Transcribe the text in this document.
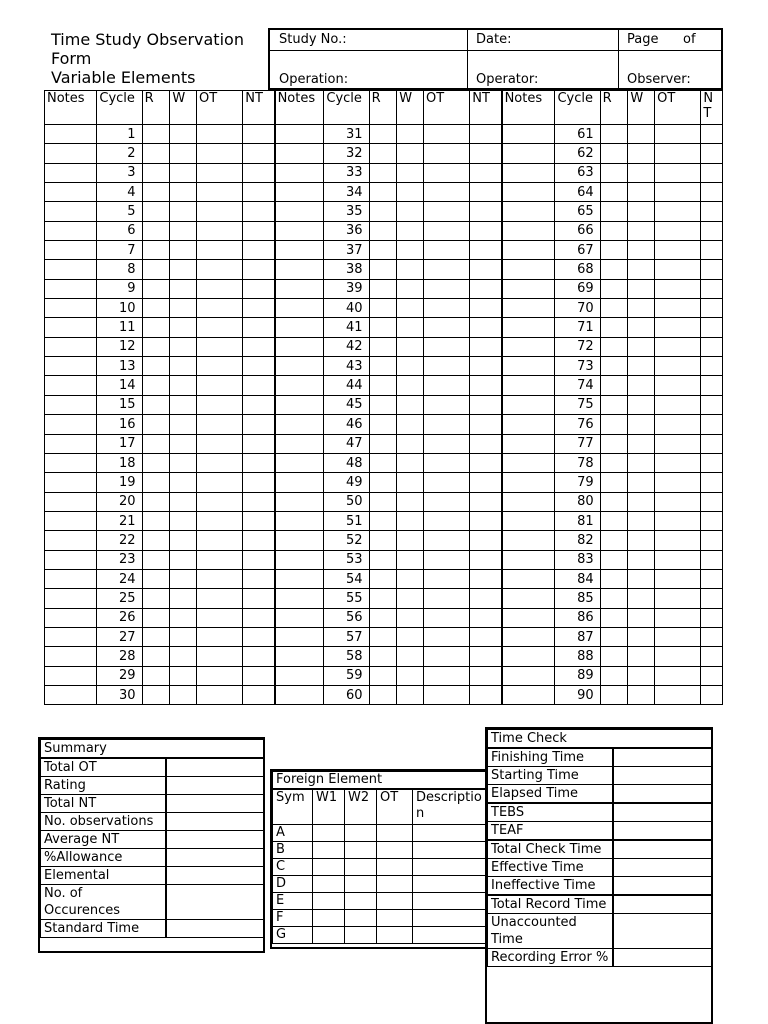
Time Study Observation
Form
Variable Elements
Study No.:	Date:	Page	of
Operation:	Operator:	Observer:
Notes	Cycle	R	W	OT	NT	Notes	Cycle	R	W	OT	NT	Notes	Cycle	R	W	OT	NT
	1						31						61				
	2						32						62				
	3						33						63				
	4						34						64				
	5						35						65				
	6						36						66				
	7						37						67				
	8						38						68				
	9						39						69				
	10						40						70				
	11						41						71				
	12						42						72				
	13						43						73				
	14						44						74				
	15						45						75				
	16						46						76				
	17						47						77				
	18						48						78				
	19						49						79				
	20						50						80				
	21						51						81				
	22						52						82				
	23						53						83				
	24						54						84				
	25						55						85				
	26						56						86				
	27						57						87				
	28						58						88				
	29						59						89				
	30						60						90				
Summary	
Total OT	
Rating	
Total NT	
No. observations	
Average NT	
%Allowance	
Elemental	
No. of Occurences	
Standard Time	
Foreign Element				
Sym	W1	W2	OT	Description
A				
B				
C				
D				
E				
F				
G				
Time Check	
Finishing Time	
Starting Time	
Elapsed Time	
TEBS	
TEAF	
Total Check Time	
Effective Time	
Ineffective Time	
Total Record Time	
Unaccounted Time	
Recording Error %	
